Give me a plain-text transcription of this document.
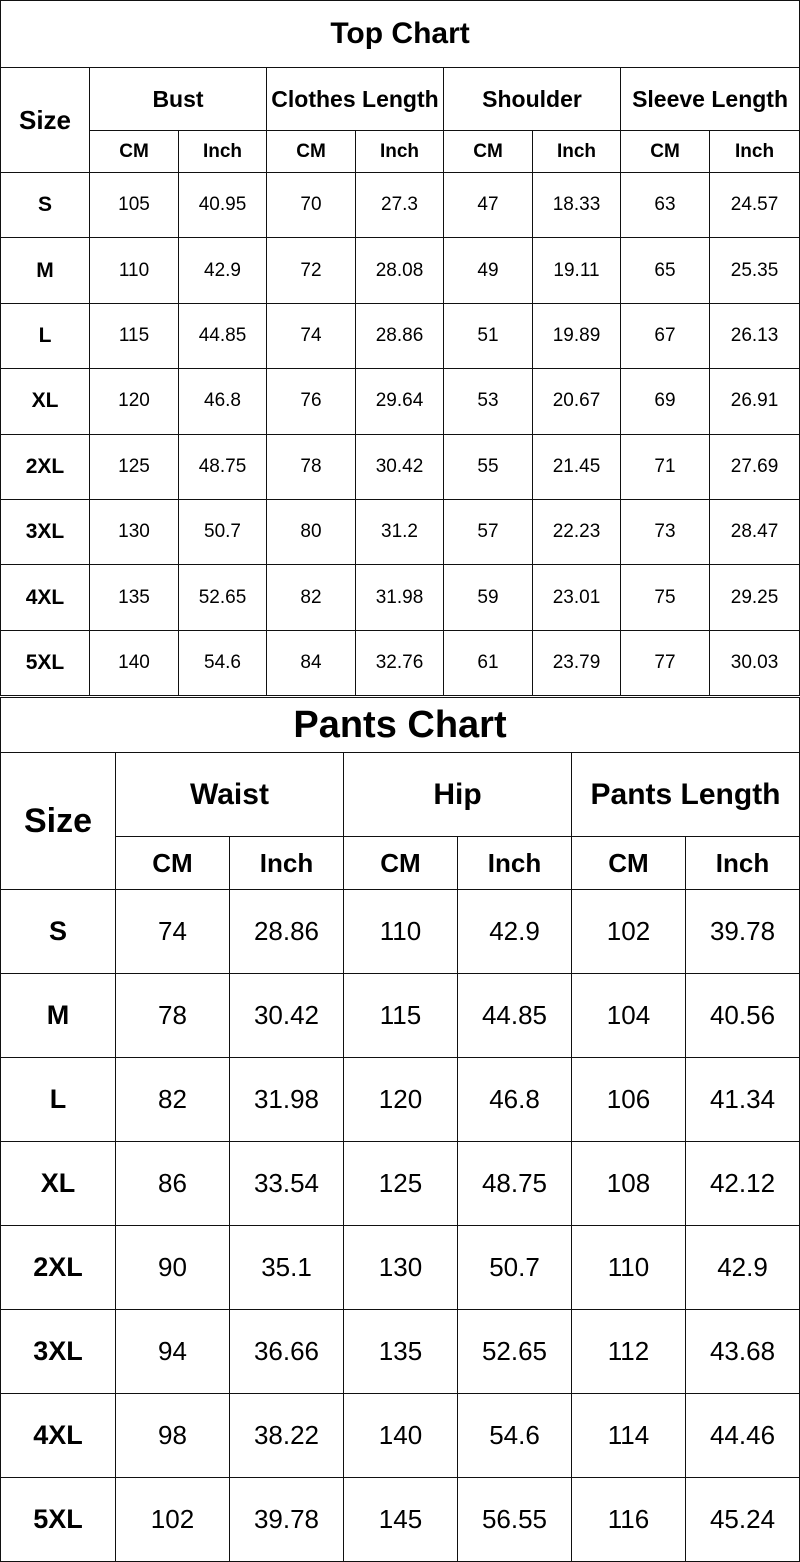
Top Chart								
Size	Bust		Clothes Length		Shoulder		Sleeve Length	
	CM	Inch	CM	Inch	CM	Inch	CM	Inch
S	105	40.95	70	27.3	47	18.33	63	24.57
M	110	42.9	72	28.08	49	19.11	65	25.35
L	115	44.85	74	28.86	51	19.89	67	26.13
XL	120	46.8	76	29.64	53	20.67	69	26.91
2XL	125	48.75	78	30.42	55	21.45	71	27.69
3XL	130	50.7	80	31.2	57	22.23	73	28.47
4XL	135	52.65	82	31.98	59	23.01	75	29.25
5XL	140	54.6	84	32.76	61	23.79	77	30.03
Pants Chart						
Size	Waist		Hip		Pants Length	
	CM	Inch	CM	Inch	CM	Inch
S	74	28.86	110	42.9	102	39.78
M	78	30.42	115	44.85	104	40.56
L	82	31.98	120	46.8	106	41.34
XL	86	33.54	125	48.75	108	42.12
2XL	90	35.1	130	50.7	110	42.9
3XL	94	36.66	135	52.65	112	43.68
4XL	98	38.22	140	54.6	114	44.46
5XL	102	39.78	145	56.55	116	45.24
